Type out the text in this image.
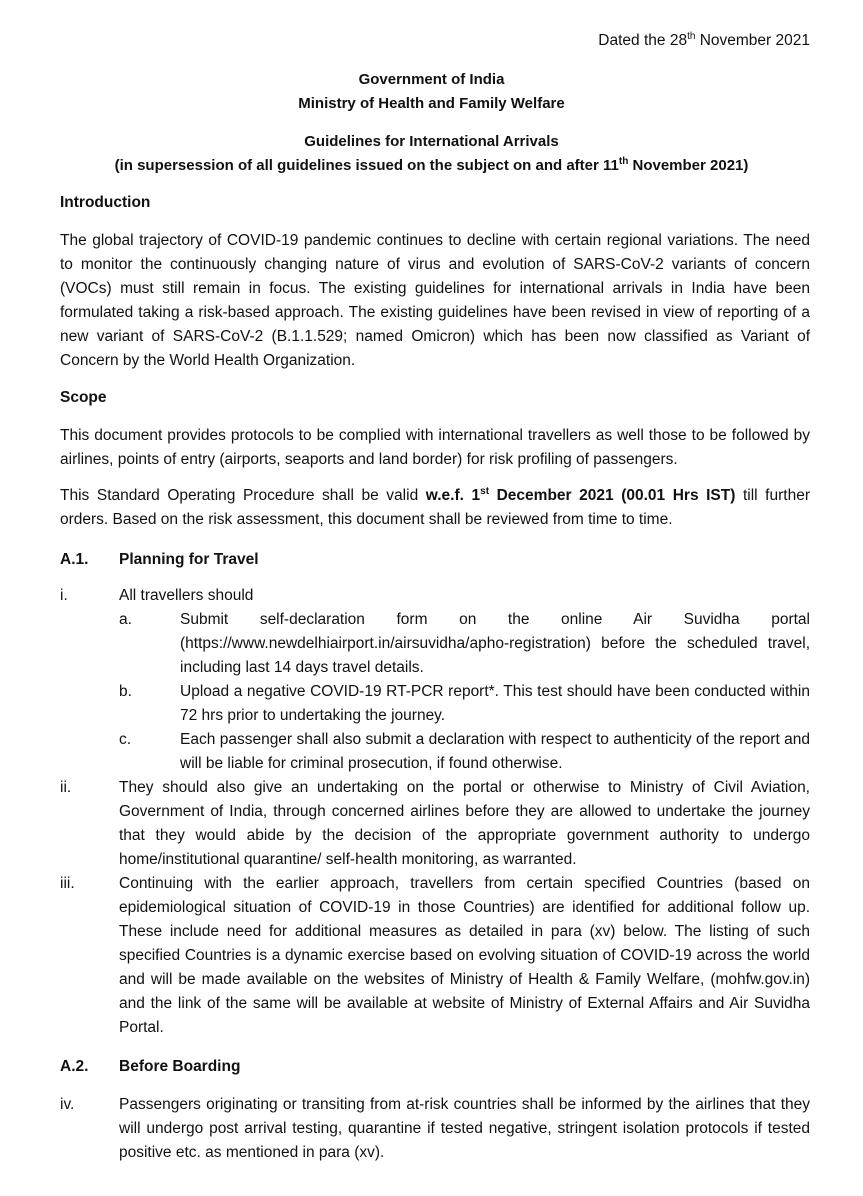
Dated the 28th November 2021
Government of India
Ministry of Health and Family Welfare
Guidelines for International Arrivals
(in supersession of all guidelines issued on the subject on and after 11th November 2021)
Introduction
The global trajectory of COVID-19 pandemic continues to decline with certain regional variations. The need to monitor the continuously changing nature of virus and evolution of SARS-CoV-2 variants of concern (VOCs) must still remain in focus. The existing guidelines for international arrivals in India have been formulated taking a risk-based approach. The existing guidelines have been revised in view of reporting of a new variant of SARS-CoV-2 (B.1.1.529; named Omicron) which has been now classified as Variant of Concern by the World Health Organization.
Scope
This document provides protocols to be complied with international travellers as well those to be followed by airlines, points of entry (airports, seaports and land border) for risk profiling of passengers.
This Standard Operating Procedure shall be valid w.e.f. 1st December 2021 (00.01 Hrs IST) till further orders. Based on the risk assessment, this document shall be reviewed from time to time.
A.1. Planning for Travel
i.	All travellers should
a.	Submit self-declaration form on the online Air Suvidha portal (https://www.newdelhiairport.in/airsuvidha/apho-registration) before the scheduled travel, including last 14 days travel details.
b.	Upload a negative COVID-19 RT-PCR report*. This test should have been conducted within 72 hrs prior to undertaking the journey.
c.	Each passenger shall also submit a declaration with respect to authenticity of the report and will be liable for criminal prosecution, if found otherwise.
ii.	They should also give an undertaking on the portal or otherwise to Ministry of Civil Aviation, Government of India, through concerned airlines before they are allowed to undertake the journey that they would abide by the decision of the appropriate government authority to undergo home/institutional quarantine/ self-health monitoring, as warranted.
iii.	Continuing with the earlier approach, travellers from certain specified Countries (based on epidemiological situation of COVID-19 in those Countries) are identified for additional follow up. These include need for additional measures as detailed in para (xv) below. The listing of such specified Countries is a dynamic exercise based on evolving situation of COVID-19 across the world and will be made available on the websites of Ministry of Health & Family Welfare, (mohfw.gov.in) and the link of the same will be available at website of Ministry of External Affairs and Air Suvidha Portal.
A.2. Before Boarding
iv.	Passengers originating or transiting from at-risk countries shall be informed by the airlines that they will undergo post arrival testing, quarantine if tested negative, stringent isolation protocols if tested positive etc. as mentioned in para (xv).
